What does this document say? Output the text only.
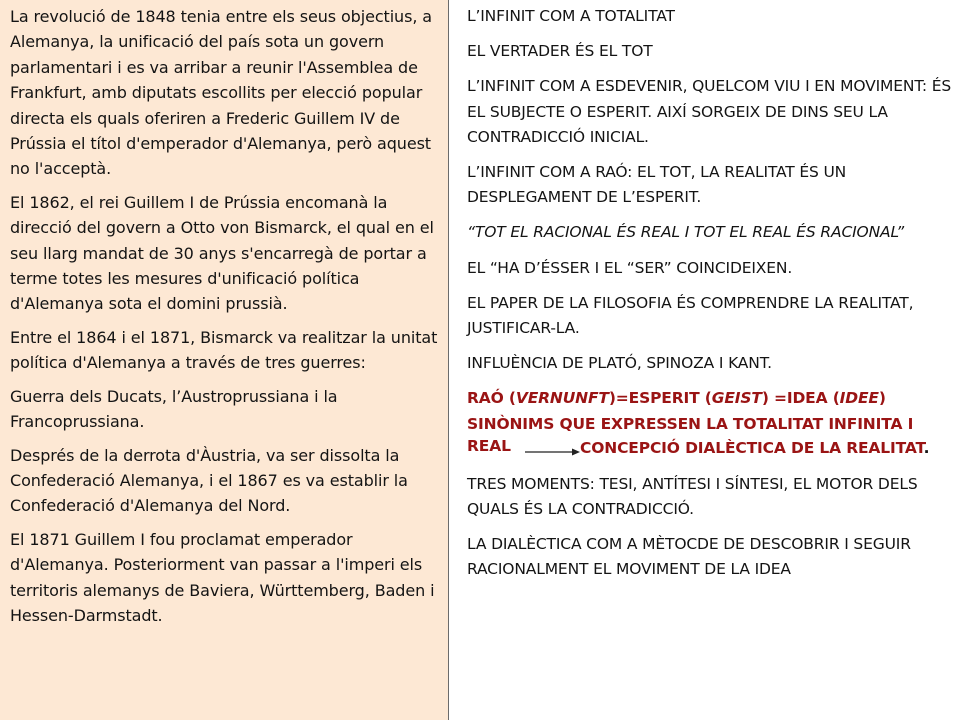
La revolució de 1848 tenia entre els seus objectius, a Alemanya, la unificació del país sota un govern parlamentari i es va arribar a reunir l'Assemblea de Frankfurt, amb diputats escollits per elecció popular directa els quals oferiren a Frederic Guillem IV de Prússia el títol d'emperador d'Alemanya, però aquest no l'acceptà.

El 1862, el rei Guillem I de Prússia encomanà la direcció del govern a Otto von Bismarck, el qual en el seu llarg mandat de 30 anys s'encarregà de portar a terme totes les mesures d'unificació política d'Alemanya sota el domini prussià.

Entre el 1864 i el 1871, Bismarck va realitzar la unitat política d'Alemanya a través de tres guerres:

Guerra dels Ducats, l’Austroprussiana i la Francoprussiana.

Després de la derrota d'Àustria, va ser dissolta la Confederació Alemanya, i el 1867 es va establir la Confederació d'Alemanya del Nord.

El 1871 Guillem I fou proclamat emperador d'Alemanya. Posteriorment van passar a l'imperi els territoris alemanys de Baviera, Württemberg, Baden i Hessen-Darmstadt.

L’INFINIT COM A TOTALITAT

EL VERTADER ÉS EL TOT

L’INFINIT COM A ESDEVENIR, QUELCOM VIU I EN MOVIMENT: ÉS EL SUBJECTE O ESPERIT. AIXÍ SORGEIX DE DINS SEU LA CONTRADICCIÓ INICIAL.

L’INFINIT COM A RAÓ: EL TOT, LA REALITAT ÉS UN DESPLEGAMENT DE L’ESPERIT.

“TOT EL RACIONAL ÉS REAL I TOT EL REAL ÉS RACIONAL”

EL “HA D’ÉSSER I EL “SER” COINCIDEIXEN.

EL PAPER DE LA FILOSOFIA ÉS COMPRENDRE LA REALITAT, JUSTIFICAR-LA.

INFLUÈNCIA DE PLATÓ, SPINOZA I KANT.

RAÓ (VERNUNFT)=ESPERIT (GEIST) =IDEA (IDEE)
SINÒNIMS QUE EXPRESSEN LA TOTALITAT INFINITA I

REAL	CONCEPCIÓ DIALÈCTICA DE LA REALITAT.

TRES MOMENTS: TESI, ANTÍTESI I SÍNTESI, EL MOTOR DELS QUALS ÉS LA CONTRADICCIÓ.

LA DIALÈCTICA COM A MÈTOCDE DE DESCOBRIR I SEGUIR RACIONALMENT EL MOVIMENT DE LA IDEA
